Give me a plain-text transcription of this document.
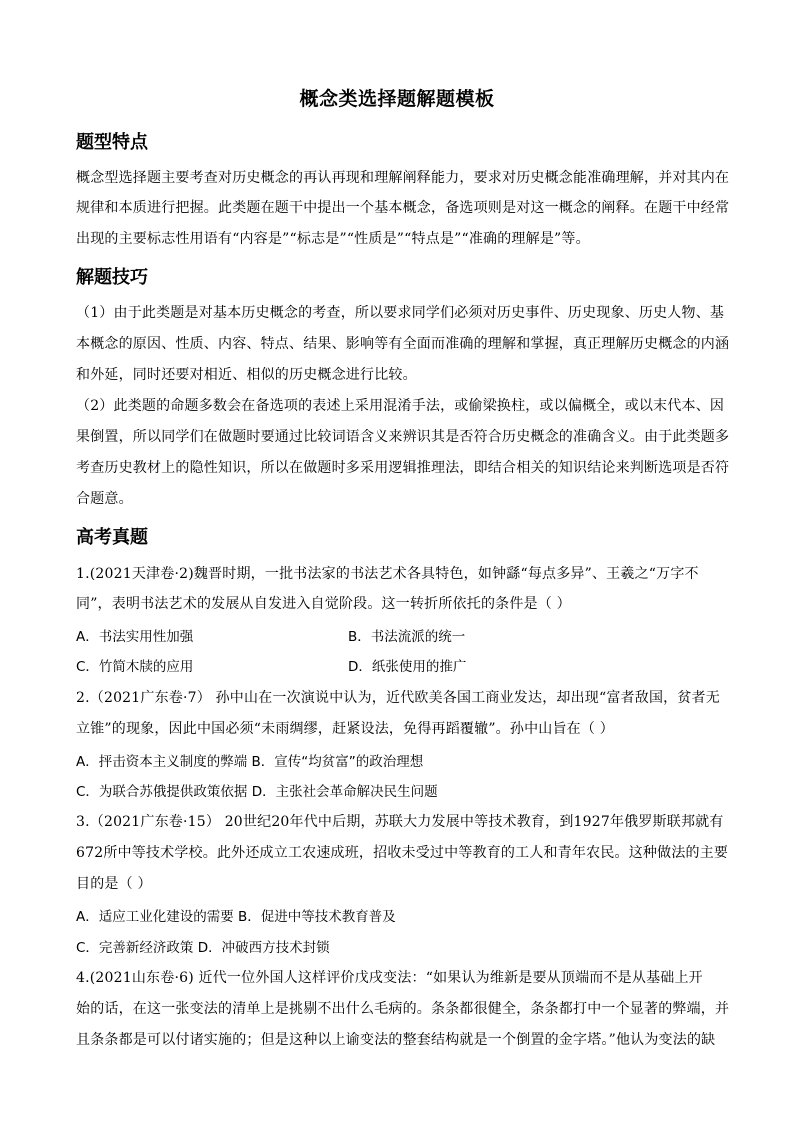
概念类选择题解题模板
题型特点
概念型选择题主要考查对历史概念的再认再现和理解阐释能力，要求对历史概念能准确理解，并对其内在
规律和本质进行把握。此类题在题干中提出一个基本概念，备选项则是对这一概念的阐释。在题干中经常
出现的主要标志性用语有“内容是”“标志是”“性质是”“特点是”“准确的理解是”等。
解题技巧
（1）由于此类题是对基本历史概念的考查，所以要求同学们必须对历史事件、历史现象、历史人物、基
本概念的原因、性质、内容、特点、结果、影响等有全面而准确的理解和掌握，真正理解历史概念的内涵
和外延，同时还要对相近、相似的历史概念进行比较。
（2）此类题的命题多数会在备选项的表述上采用混淆手法，或偷梁换柱，或以偏概全，或以末代本、因
果倒置，所以同学们在做题时要通过比较词语含义来辨识其是否符合历史概念的准确含义。由于此类题多
考查历史教材上的隐性知识，所以在做题时多采用逻辑推理法，即结合相关的知识结论来判断选项是否符
合题意。
高考真题
1.(2021天津卷·2)魏晋时期，一批书法家的书法艺术各具特色，如钟繇“每点多异”、王羲之“万字不
同”，表明书法艺术的发展从自发进入自觉阶段。这一转折所依托的条件是（ ）
A．书法实用性加强	B．书法流派的统一
C．竹简木牍的应用	D．纸张使用的推广
2.（2021广东卷·7） 孙中山在一次演说中认为，近代欧美各国工商业发达，却出现“富者敌国，贫者无
立锥”的现象，因此中国必须“未雨绸缪，赶紧设法，免得再蹈覆辙”。孙中山旨在（ ）
A．抨击资本主义制度的弊端 B．宣传“均贫富”的政治理想
C．为联合苏俄提供政策依据 D．主张社会革命解决民生问题
3.（2021广东卷·15） 20世纪20年代中后期，苏联大力发展中等技术教育，到1927年俄罗斯联邦就有
672所中等技术学校。此外还成立工农速成班，招收未受过中等教育的工人和青年农民。这种做法的主要
目的是（ ）
A．适应工业化建设的需要 B．促进中等技术教育普及
C．完善新经济政策 D．冲破西方技术封锁
4.(2021山东卷·6) 近代一位外国人这样评价戊戌变法：“如果认为维新是要从顶端而不是从基础上开
始的话，在这一张变法的清单上是挑剔不出什么毛病的。条条都很健全，条条都打中一个显著的弊端，并
且条条都是可以付诸实施的；但是这种以上谕变法的整套结构就是一个倒置的金字塔。”他认为变法的缺
